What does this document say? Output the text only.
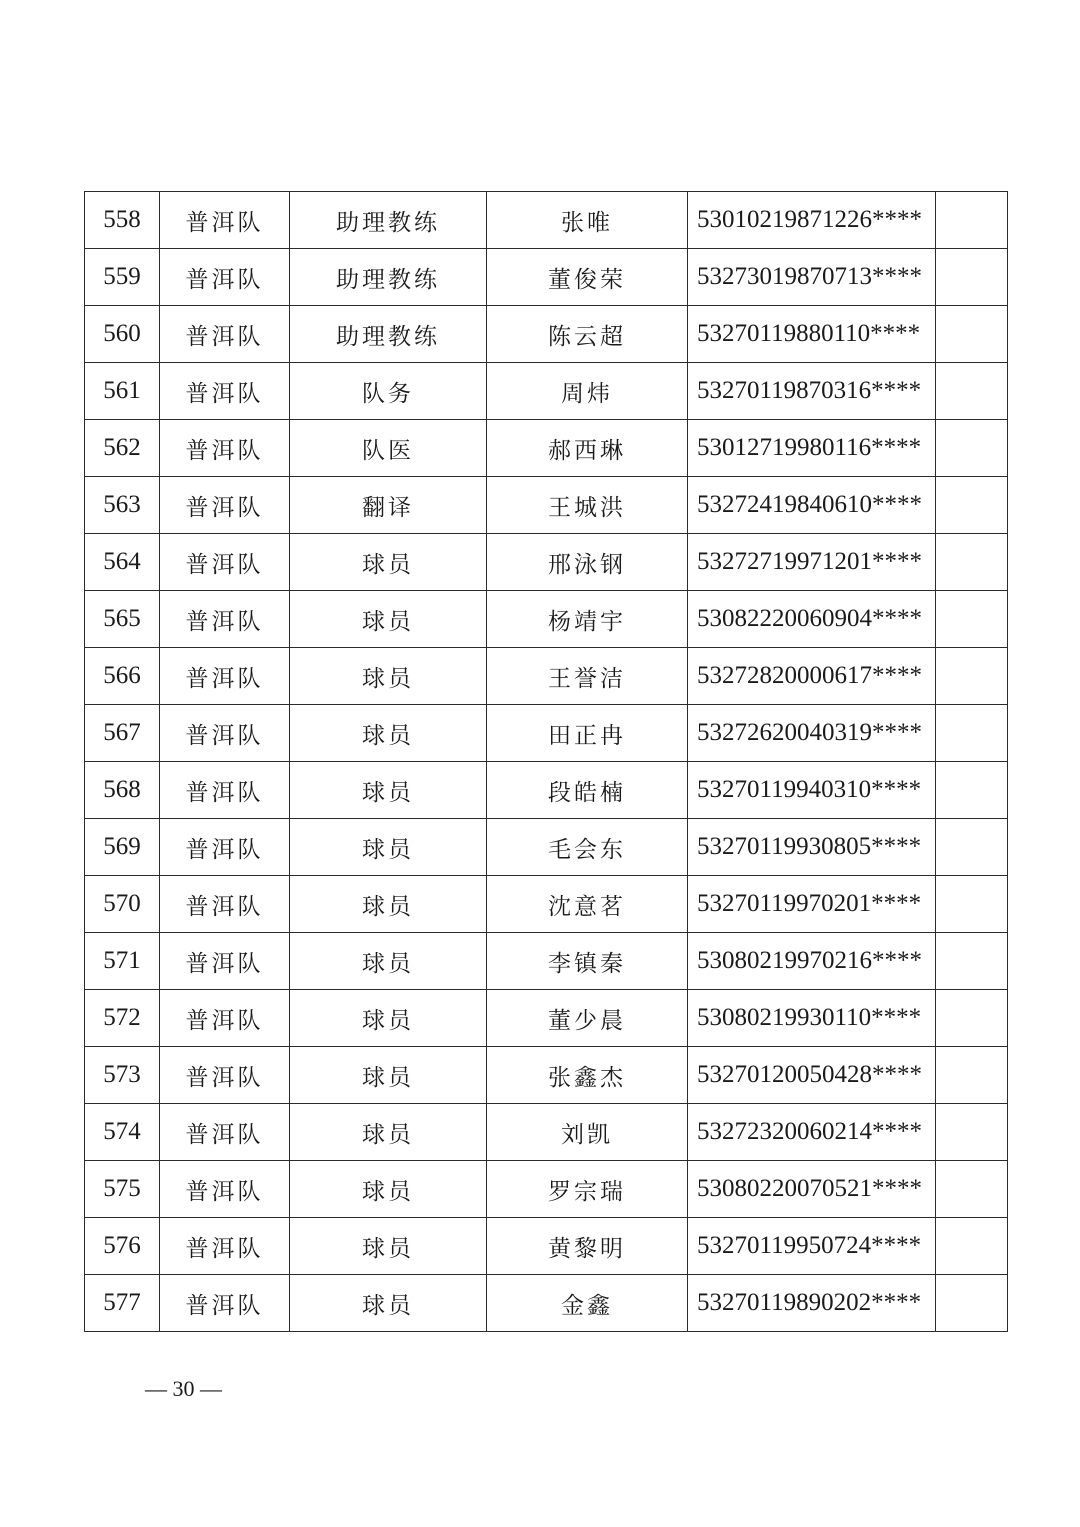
558	普洱队	助理教练	张唯	53010219871226****	
559	普洱队	助理教练	董俊荣	53273019870713****	
560	普洱队	助理教练	陈云超	53270119880110****	
561	普洱队	队务	周炜	53270119870316****	
562	普洱队	队医	郝西琳	53012719980116****	
563	普洱队	翻译	王城洪	53272419840610****	
564	普洱队	球员	邢泳钢	53272719971201****	
565	普洱队	球员	杨靖宇	53082220060904****	
566	普洱队	球员	王誉洁	53272820000617****	
567	普洱队	球员	田正冉	53272620040319****	
568	普洱队	球员	段皓楠	53270119940310****	
569	普洱队	球员	毛会东	53270119930805****	
570	普洱队	球员	沈意茗	53270119970201****	
571	普洱队	球员	李镇秦	53080219970216****	
572	普洱队	球员	董少晨	53080219930110****	
573	普洱队	球员	张鑫杰	53270120050428****	
574	普洱队	球员	刘凯	53272320060214****	
575	普洱队	球员	罗宗瑞	53080220070521****	
576	普洱队	球员	黄黎明	53270119950724****	
577	普洱队	球员	金鑫	53270119890202****	
— 30 —
